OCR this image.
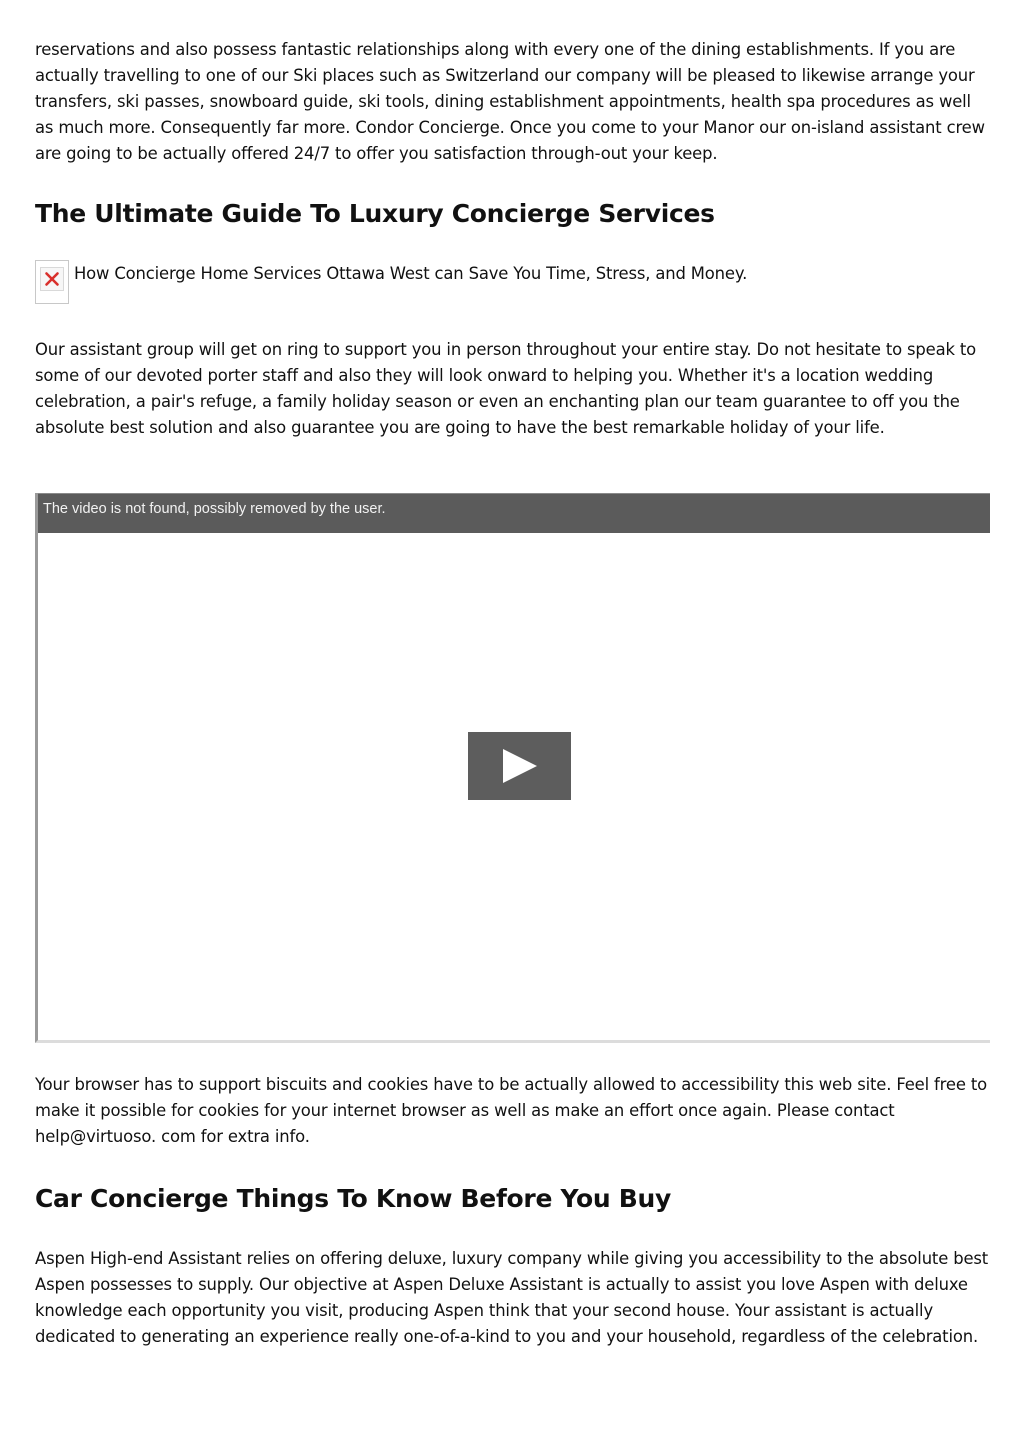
reservations and also possess fantastic relationships along with every one of the dining establishments. If you are actually travelling to one of our Ski places such as Switzerland our company will be pleased to likewise arrange your transfers, ski passes, snowboard guide, ski tools, dining establishment appointments, health spa procedures as well as much more. Consequently far more. Condor Concierge. Once you come to your Manor our on-island assistant crew are going to be actually offered 24/7 to offer you satisfaction through-out your keep.

The Ultimate Guide To Luxury Concierge Services
How Concierge Home Services Ottawa West can Save You Time, Stress, and Money.

Our assistant group will get on ring to support you in person throughout your entire stay. Do not hesitate to speak to some of our devoted porter staff and also they will look onward to helping you. Whether it's a location wedding celebration, a pair's refuge, a family holiday season or even an enchanting plan our team guarantee to off you the absolute best solution and also guarantee you are going to have the best remarkable holiday of your life.

The video is not found, possibly removed by the user.

Your browser has to support biscuits and cookies have to be actually allowed to accessibility this web site. Feel free to make it possible for cookies for your internet browser as well as make an effort once again. Please contact help@virtuoso. com for extra info.

Car Concierge Things To Know Before You Buy

Aspen High-end Assistant relies on offering deluxe, luxury company while giving you accessibility to the absolute best Aspen possesses to supply. Our objective at Aspen Deluxe Assistant is actually to assist you love Aspen with deluxe knowledge each opportunity you visit, producing Aspen think that your second house. Your assistant is actually dedicated to generating an experience really one-of-a-kind to you and your household, regardless of the celebration.
